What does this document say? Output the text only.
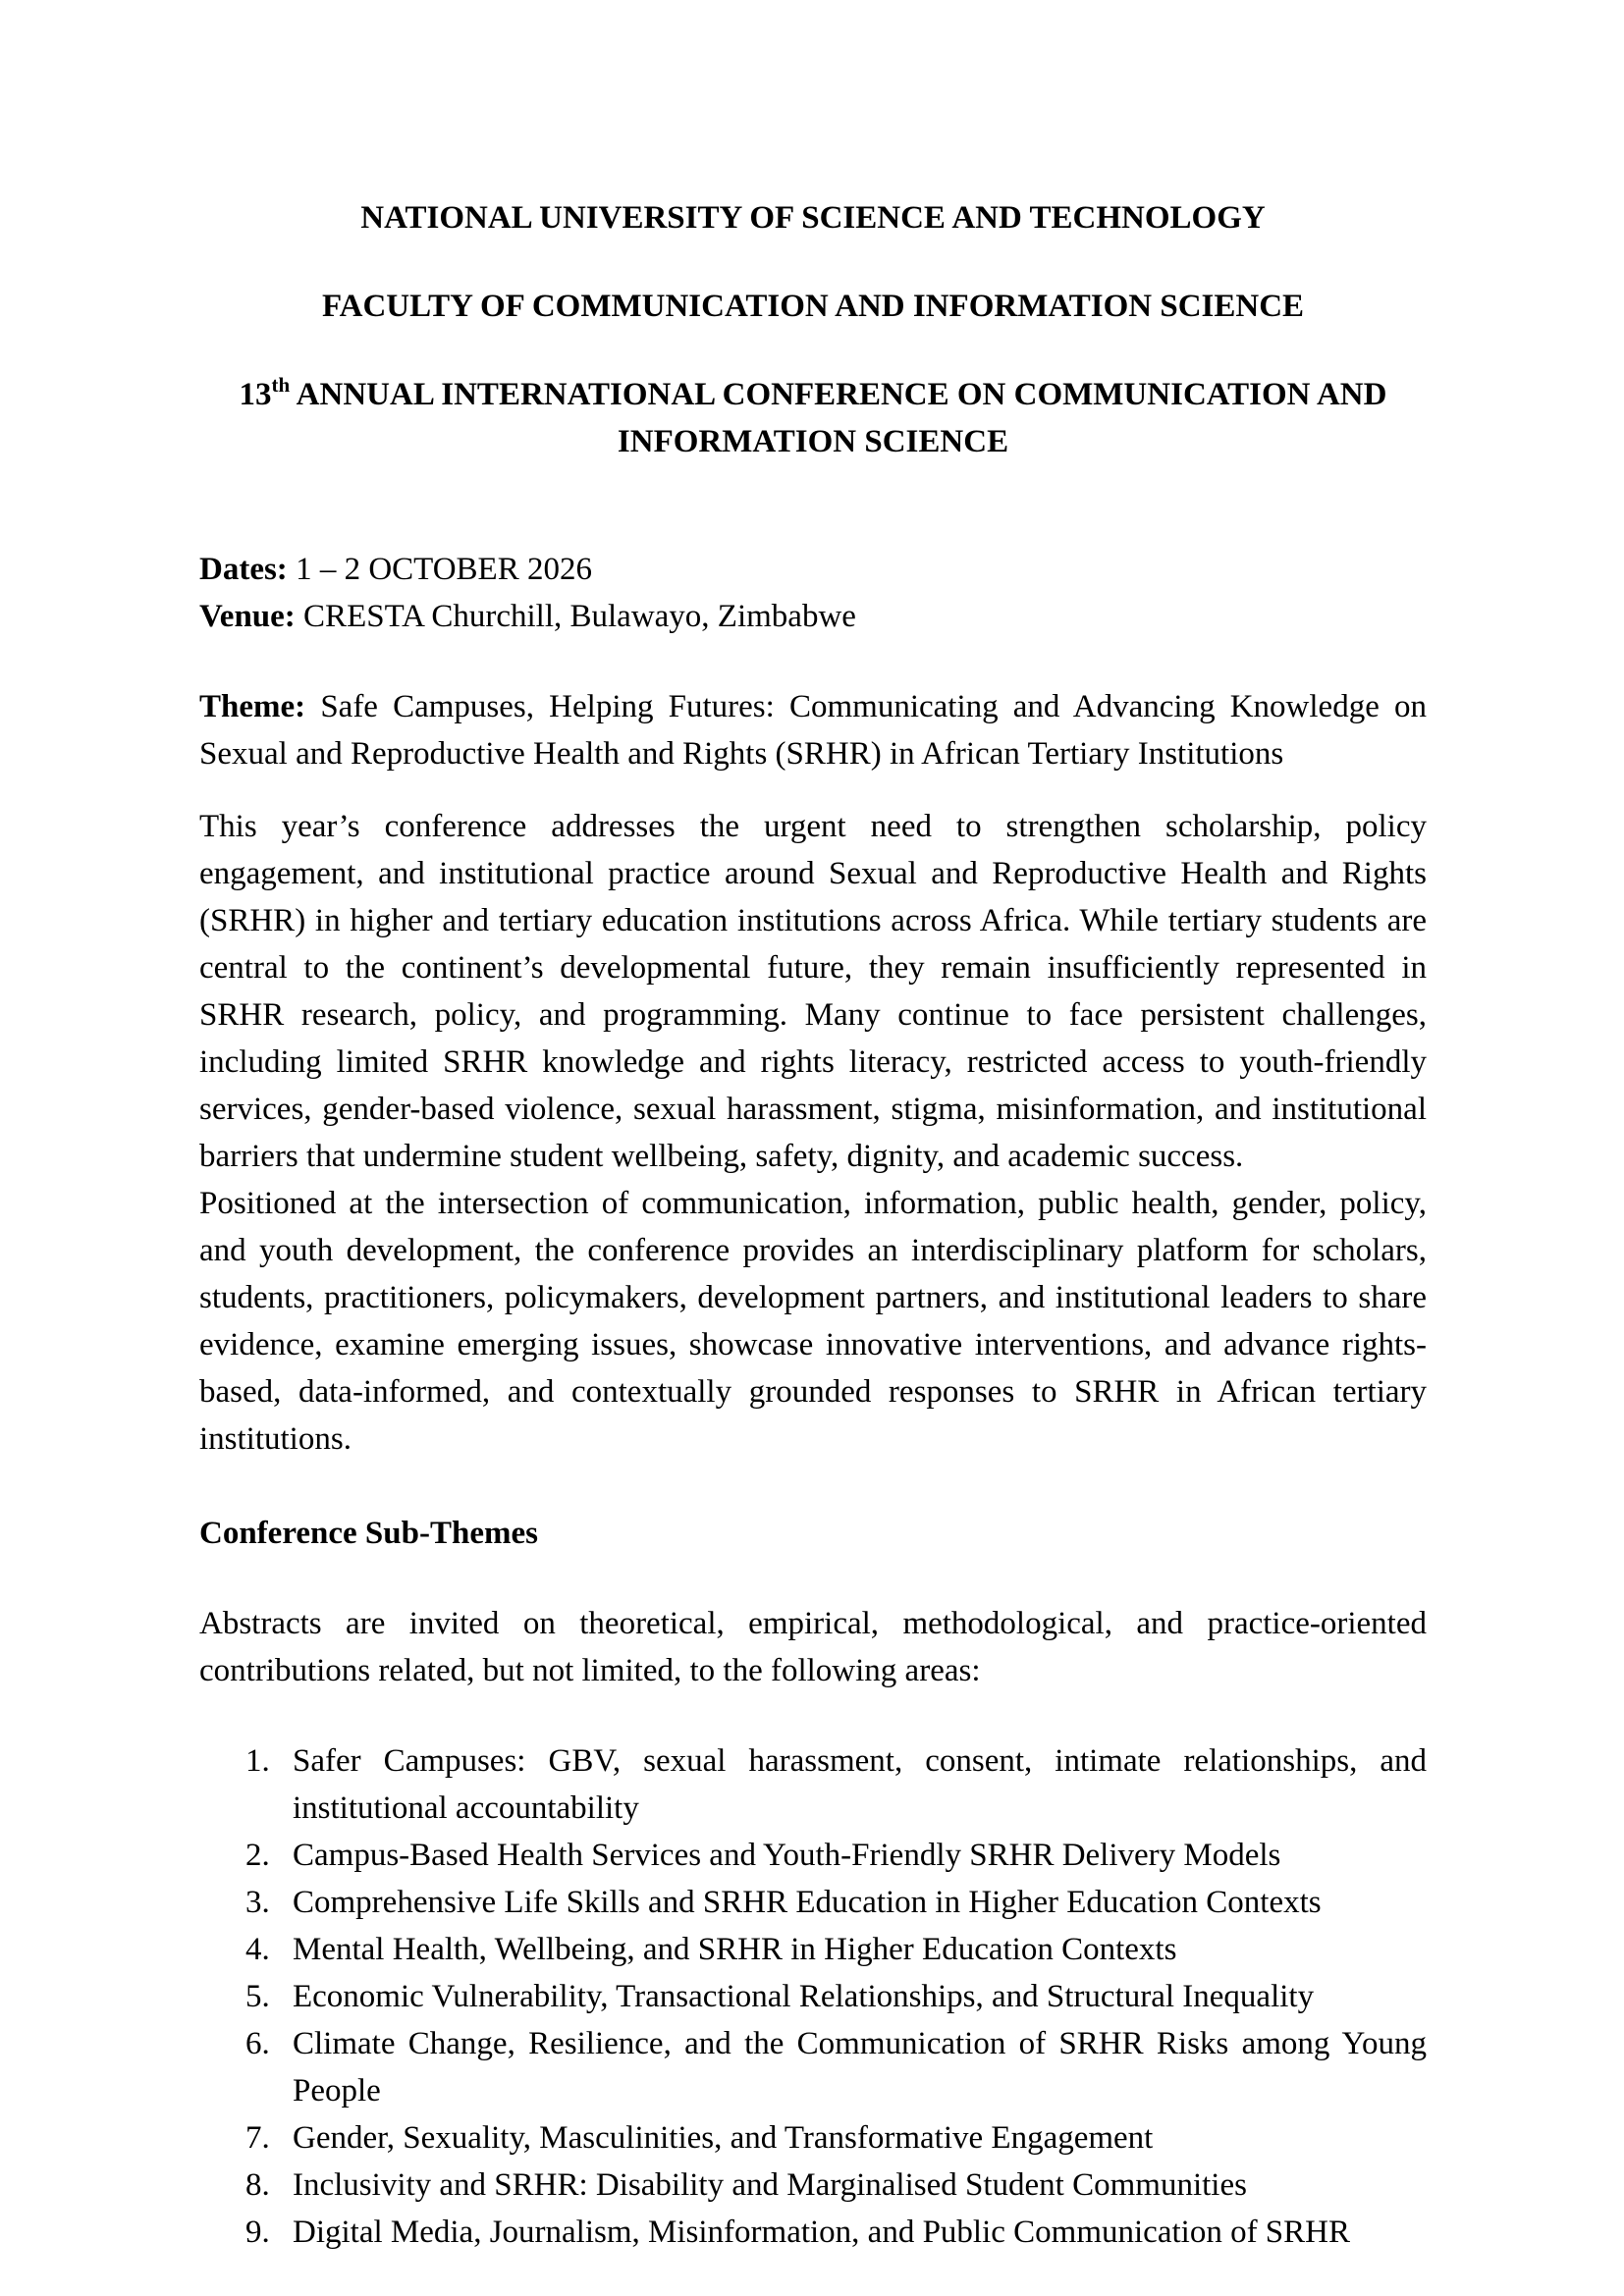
NATIONAL UNIVERSITY OF SCIENCE AND TECHNOLOGY

FACULTY OF COMMUNICATION AND INFORMATION SCIENCE

13th ANNUAL INTERNATIONAL CONFERENCE ON COMMUNICATION AND INFORMATION SCIENCE

Dates: 1 – 2 OCTOBER 2026

Venue: CRESTA Churchill, Bulawayo, Zimbabwe

Theme: Safe Campuses, Helping Futures: Communicating and Advancing Knowledge on Sexual and Reproductive Health and Rights (SRHR) in African Tertiary Institutions

This year’s conference addresses the urgent need to strengthen scholarship, policy engagement, and institutional practice around Sexual and Reproductive Health and Rights (SRHR) in higher and tertiary education institutions across Africa. While tertiary students are central to the continent’s developmental future, they remain insufficiently represented in SRHR research, policy, and programming. Many continue to face persistent challenges, including limited SRHR knowledge and rights literacy, restricted access to youth-friendly services, gender-based violence, sexual harassment, stigma, misinformation, and institutional barriers that undermine student wellbeing, safety, dignity, and academic success.

Positioned at the intersection of communication, information, public health, gender, policy, and youth development, the conference provides an interdisciplinary platform for scholars, students, practitioners, policymakers, development partners, and institutional leaders to share evidence, examine emerging issues, showcase innovative interventions, and advance rights-based, data-informed, and contextually grounded responses to SRHR in African tertiary institutions.

Conference Sub-Themes

Abstracts are invited on theoretical, empirical, methodological, and practice-oriented contributions related, but not limited, to the following areas:

Safer Campuses: GBV, sexual harassment, consent, intimate relationships, and institutional accountability
Campus-Based Health Services and Youth-Friendly SRHR Delivery Models
Comprehensive Life Skills and SRHR Education in Higher Education Contexts
Mental Health, Wellbeing, and SRHR in Higher Education Contexts
Economic Vulnerability, Transactional Relationships, and Structural Inequality
Climate Change, Resilience, and the Communication of SRHR Risks among Young People
Gender, Sexuality, Masculinities, and Transformative Engagement
Inclusivity and SRHR: Disability and Marginalised Student Communities
Digital Media, Journalism, Misinformation, and Public Communication of SRHR
